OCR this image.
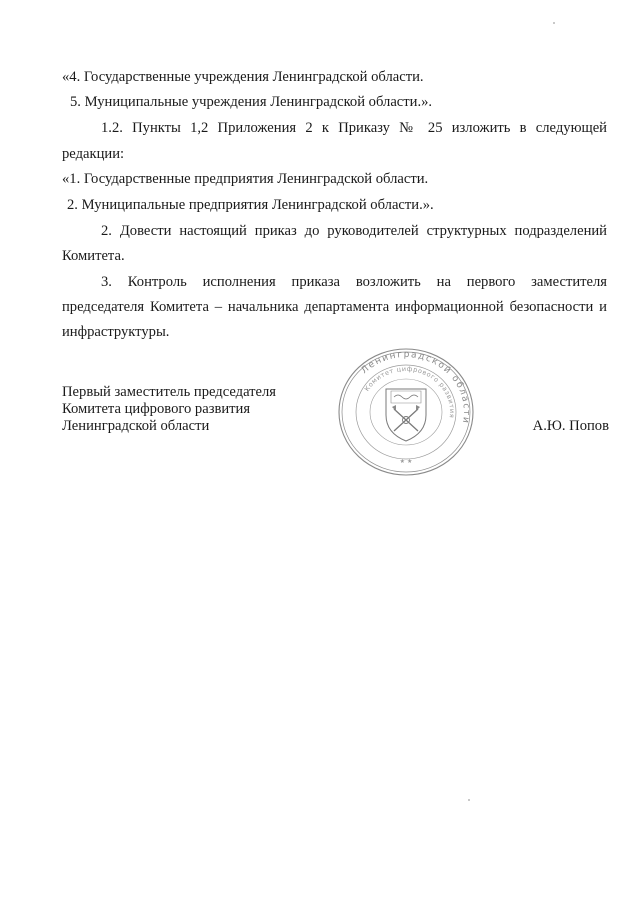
«4. Государственные учреждения Ленинградской области.
5. Муниципальные учреждения Ленинградской области.».
1.2. Пункты 1,2 Приложения 2 к Приказу № 25 изложить в следующей
редакции:
«1. Государственные предприятия Ленинградской области.
2. Муниципальные предприятия Ленинградской области.».
2. Довести настоящий приказ до руководителей структурных подразделений
Комитета.
3. Контроль исполнения приказа возложить на первого заместителя
председателя Комитета – начальника департамента информационной безопасности и
инфраструктуры.
Первый заместитель председателя
Комитета цифрового развития
Ленинградской области
Ленинградской области
Комитет цифрового развития
★ ★
А.Ю. Попов
